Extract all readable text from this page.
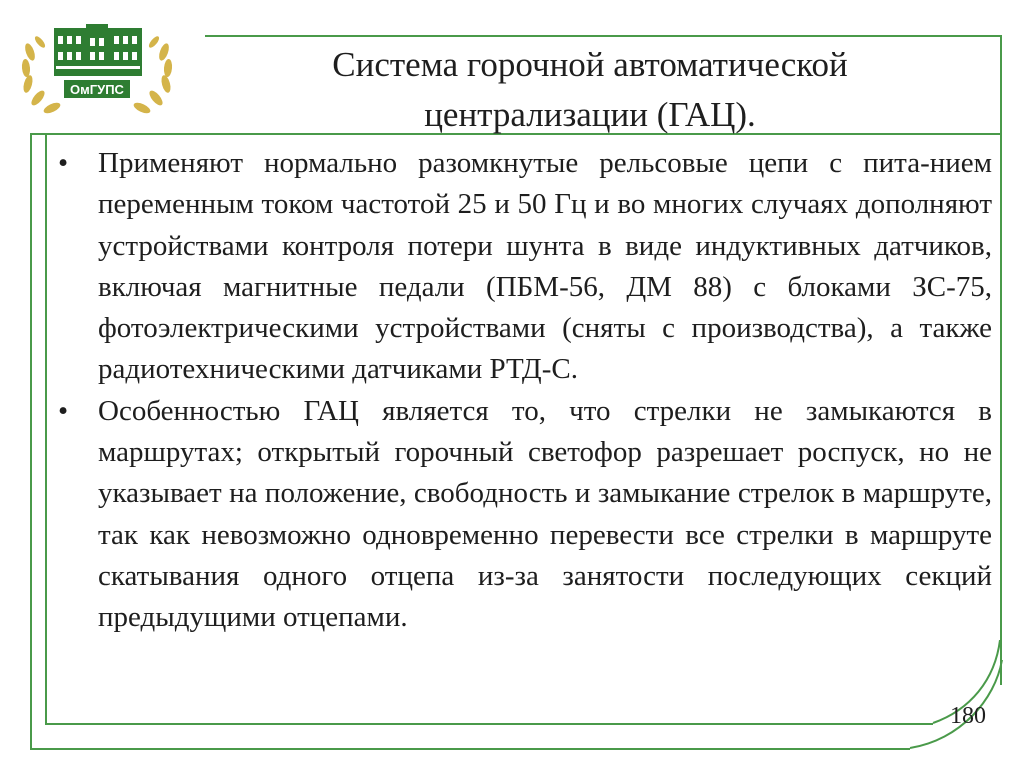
ОмГУПС
Система горочной автоматической
централизации (ГАЦ).
• Применяют нормально разомкнутые рельсовые цепи с пита-нием переменным током частотой 25 и 50 Гц и во многих случаях дополняют устройствами контроля потери шунта в виде индуктивных датчиков, включая магнитные педали (ПБМ-56, ДМ 88) с блоками ЗС-75, фотоэлектрическими устройствами (сняты с производства), а также радиотехническими датчиками РТД-С.
• Особенностью ГАЦ является то, что стрелки не замыкаются в маршрутах; открытый горочный светофор разрешает роспуск, но не указывает на положение, свободность и замыкание стрелок в маршруте, так как невозможно одновременно перевести все стрелки в маршруте скатывания одного отцепа из-за занятости последующих секций предыдущими отцепами.
180
